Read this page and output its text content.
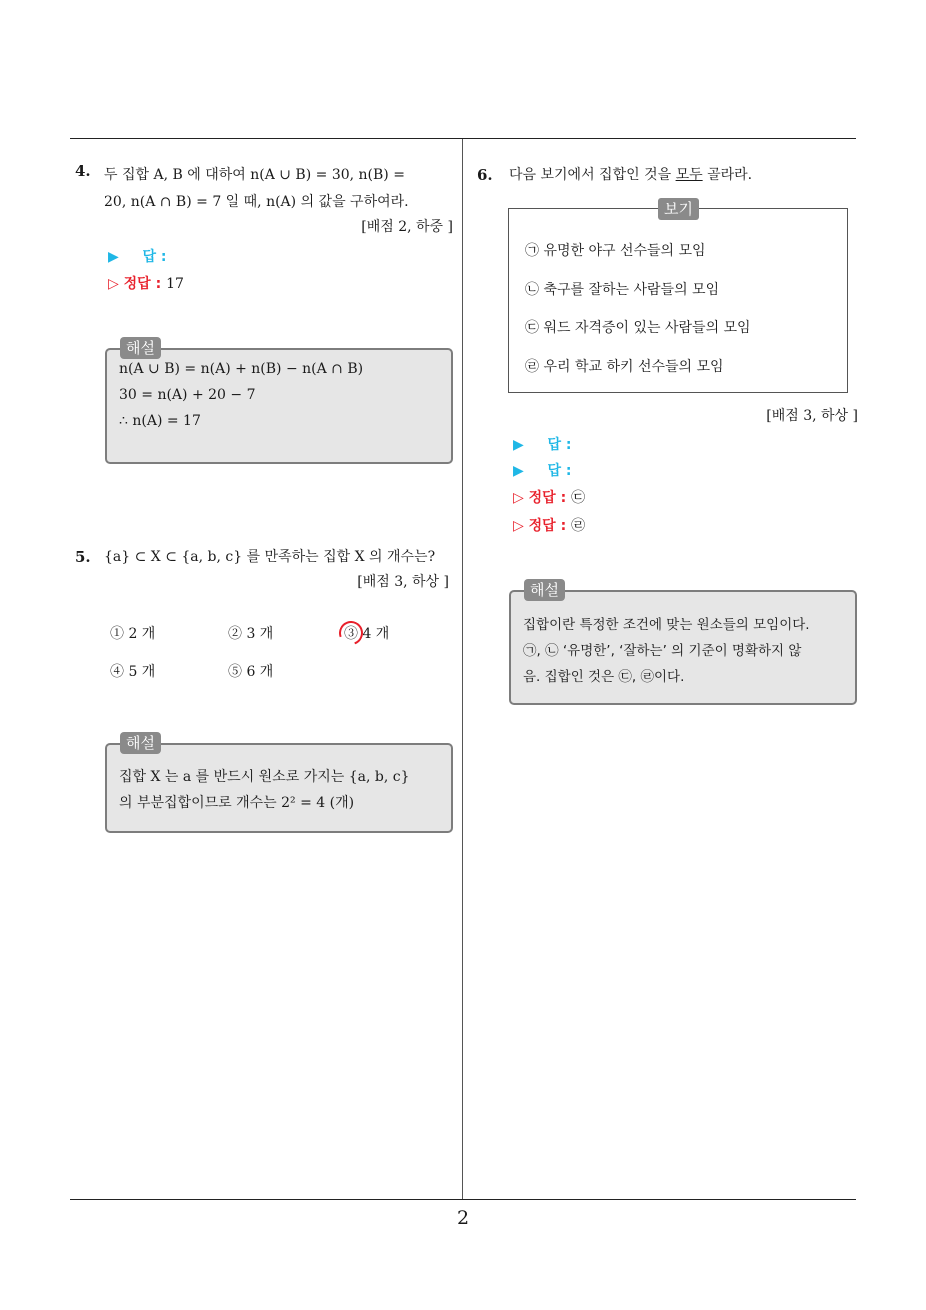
2
4. 두 집합 A, B 에 대하여 n(A ∪ B) = 30, n(B) =
20, n(A ∩ B) = 7 일 때, n(A) 의 값을 구하여라.
[배점 2, 하중 ]
▶ 답 :
▷ 정답 : 17
n(A ∪ B) = n(A) + n(B) − n(A ∩ B)
30 = n(A) + 20 − 7
∴ n(A) = 17
해설
5. {a} ⊂ X ⊂ {a, b, c} 를 만족하는 집합 X 의 개수는?
[배점 3, 하상 ]
① 2 개	② 3 개	③ 4 개
④ 5 개	⑤ 6 개
집합 X 는 a 를 반드시 원소로 가지는 {a, b, c}
의 부분집합이므로 개수는 2² = 4 (개)
해설
6. 다음 보기에서 집합인 것을 모두 골라라.
보기
㉠ 유명한 야구 선수들의 모임
㉡ 축구를 잘하는 사람들의 모임
㉢ 워드 자격증이 있는 사람들의 모임
㉣ 우리 학교 하키 선수들의 모임
[배점 3, 하상 ]
▶ 답 :
▶ 답 :
▷ 정답 : ㉢
▷ 정답 : ㉣
집합이란 특정한 조건에 맞는 원소들의 모임이다.
㉠, ㉡ ‘유명한’, ‘잘하는’ 의 기준이 명확하지 않
음. 집합인 것은 ㉢, ㉣이다.
해설
